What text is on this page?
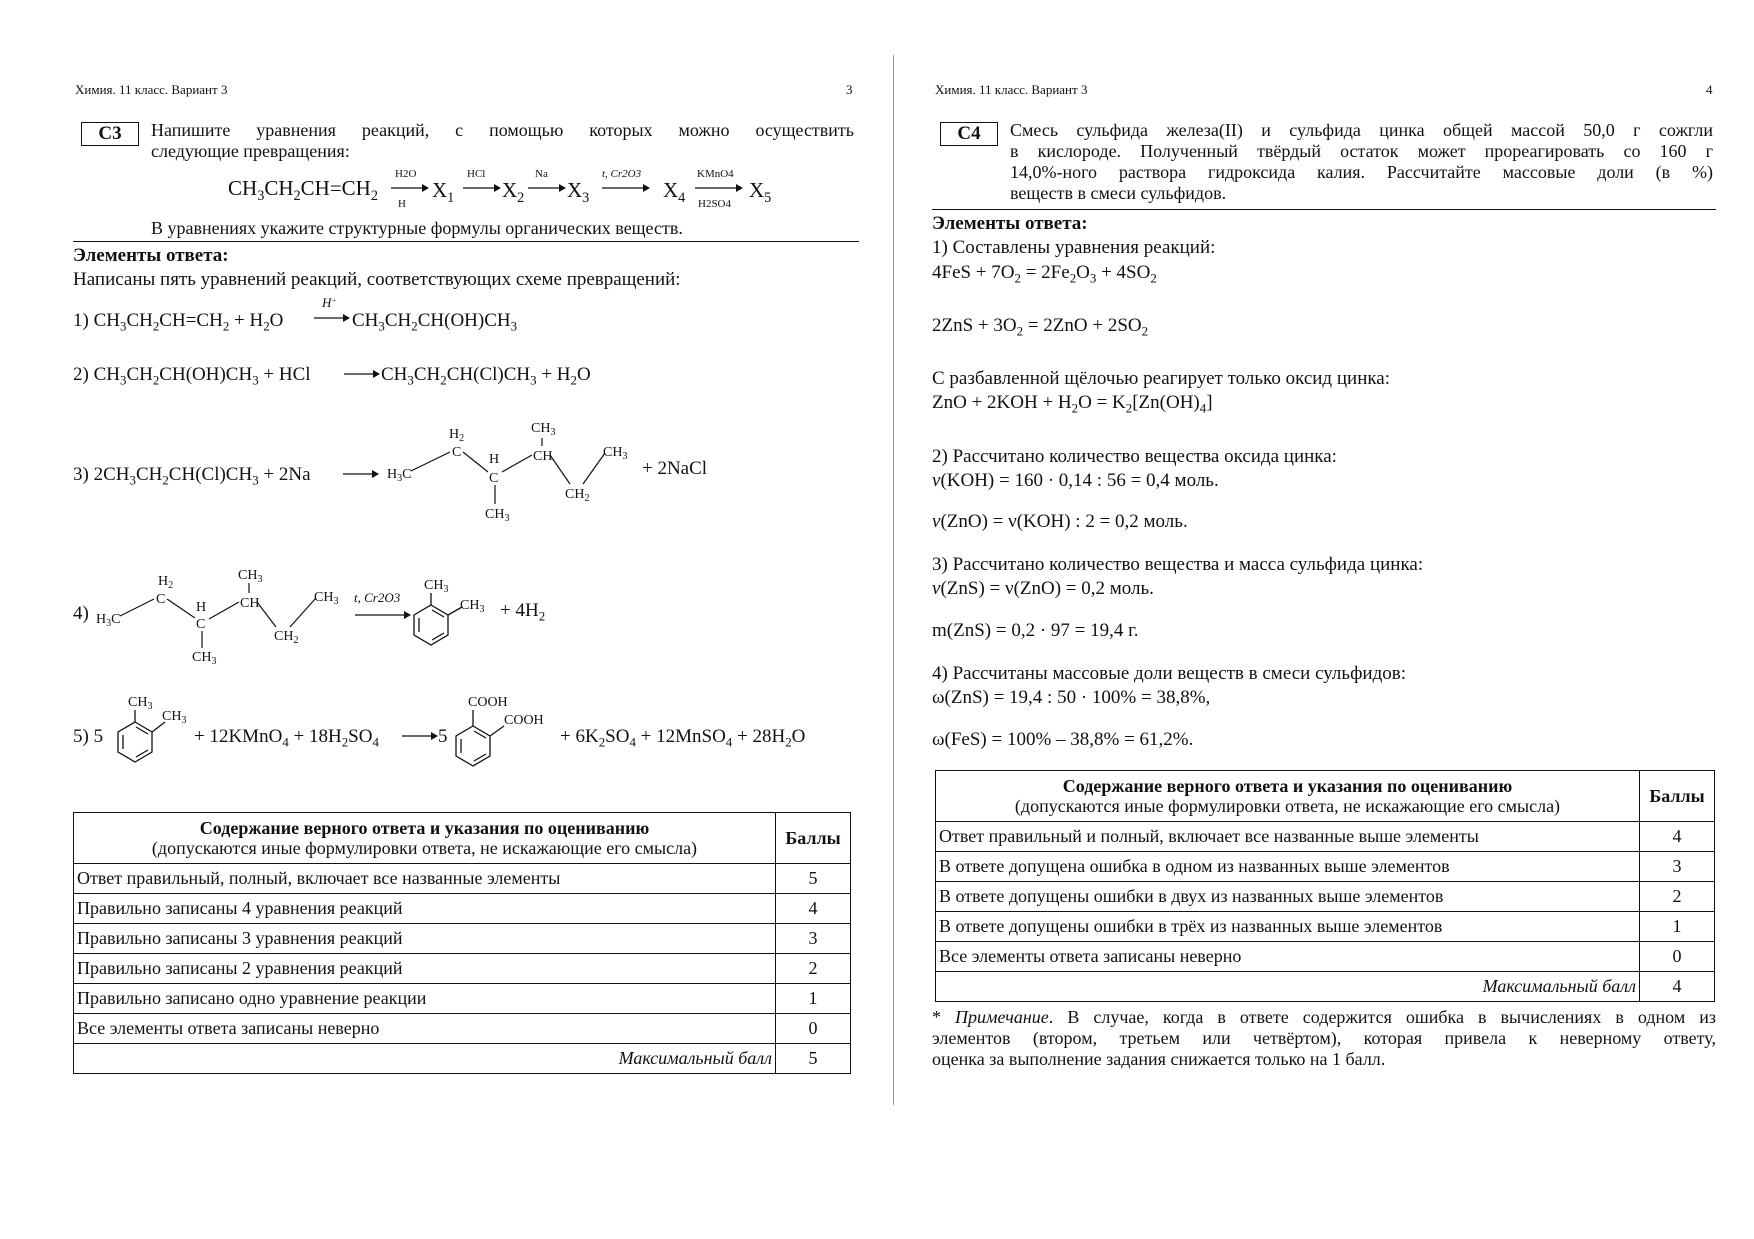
Химия. 11 класс. Вариант 3	3
С3	Напишите уравнения реакций, с помощью которых можно осуществить
следующие превращения:
$CH_3CH_2CH=CH_2$
H2O
H
$X_1$
HCl
$X_2$
Na
$X_3$
t, Cr2O3
$X_4$
KMnO4
H2SO4
$X_5$
В уравнениях укажите структурные формулы органических веществ.
Элементы ответа:
Написаны пять уравнений реакций, соответствующих схеме превращений:
1) $CH_3CH_2CH=CH_2 + H_2O$
H+
$CH_3CH_2CH(OH)CH_3$
2) $CH_3CH_2CH(OH)CH_3$ + HCl	$CH_3CH_2CH(Cl)CH_3 + H_2O$
3) $2CH_3CH_2CH(Cl)CH_3 + 2Na$	$H_3C$
$H_2$
C H
C
$CH_3$
$CH_3$
CH	$CH_3$
$CH_2$
+ 2NaCl
4) $H_3C$
$H_2$
C
H
C
$CH_3$
$CH_3$
CH	$CH_3$
$CH_2$
t, Cr2O3
$CH_3$
$CH_3 + 4H_2$
5) 5
$CH_3$
$CH_3$
+ 12KMnO$_4$ + $18H_2SO_4$	5
COOH
COOH
+ $6K_2SO_4$ + 12MnSO$_4$ + $28H_2O$
Содержание верного ответа и указания по оцениванию
(допускаются иные формулировки ответа, не искажающие его смысла)	Баллы
Ответ правильный, полный, включает все названные элементы	5
Правильно записаны 4 уравнения реакций	4
Правильно записаны 3 уравнения реакций	3
Правильно записаны 2 уравнения реакций	2
Правильно записано одно уравнение реакции	1
Все элементы ответа записаны неверно	0
Максимальный балл	5
Химия. 11 класс. Вариант 3	4
С4	Смесь сульфида железа(II) и сульфида цинка общей массой 50,0 г сожгли
в кислороде. Полученный твёрдый остаток может прореагировать со 160 г
14,0%-ного раствора гидроксида калия. Рассчитайте массовые доли (в %)
веществ в смеси сульфидов.
Элементы ответа:
1) Составлены уравнения реакций:
$4FeS + 7O_2 = 2Fe_2O_3 + 4SO_2$
$2ZnS + 3O_2 = 2ZnO + 2SO_2$
С разбавленной щёлочью реагирует только оксид цинка:
ZnO + $2KOH + H_2O = K_2[Zn(OH)_4]$
2) Рассчитано количество вещества оксида цинка:
ν(KOH) = 160 · 0,14 : 56 = 0,4 моль.
ν(ZnO) = ν(KOH) : 2 = 0,2 моль.
3) Рассчитано количество вещества и масса сульфида цинка:
ν(ZnS) = ν(ZnO) = 0,2 моль.
m(ZnS) = 0,2 · 97 = 19,4 г.
4) Рассчитаны массовые доли веществ в смеси сульфидов:
ω(ZnS) = 19,4 : 50 · 100% = 38,8%,
ω(FeS) = 100% – 38,8% = 61,2%.
Содержание верного ответа и указания по оцениванию
(допускаются иные формулировки ответа, не искажающие его смысла)	Баллы
Ответ правильный и полный, включает все названные выше элементы	4
В ответе допущена ошибка в одном из названных выше элементов	3
В ответе допущены ошибки в двух из названных выше элементов	2
В ответе допущены ошибки в трёх из названных выше элементов	1
Все элементы ответа записаны неверно	0
Максимальный балл	4
* Примечание. В случае, когда в ответе содержится ошибка в вычислениях в одном из
элементов (втором, третьем или четвёртом), которая привела к неверному ответу,
оценка за выполнение задания снижается только на 1 балл.
